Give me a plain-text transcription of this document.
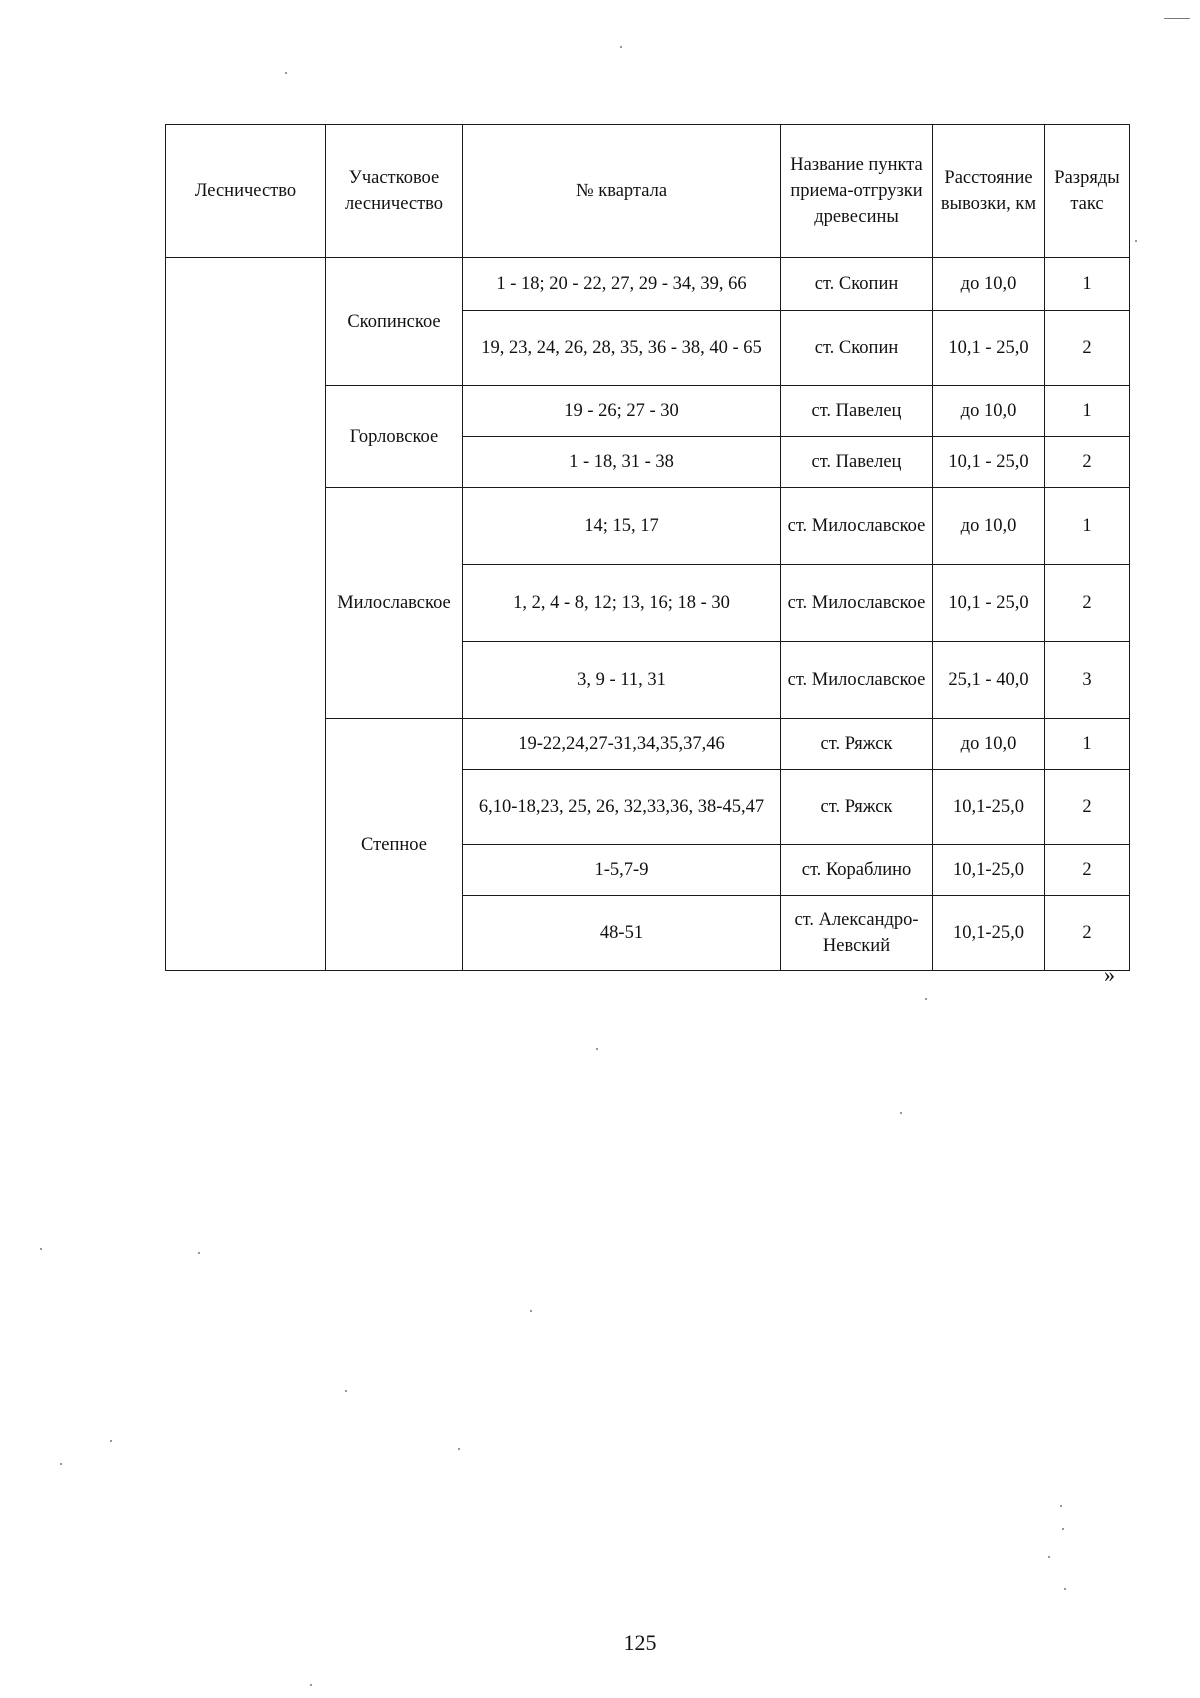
Лесничество	Участковое лесничество	№ квартала	Название пункта приема-отгрузки древесины	Расстояние вывозки, км	Разряды такс
	Скопинское	1 - 18; 20 - 22, 27, 29 - 34, 39, 66	ст. Скопин	до 10,0	1
		19, 23, 24, 26, 28, 35, 36 - 38, 40 - 65	ст. Скопин	10,1 - 25,0	2
	Горловское	19 - 26; 27 - 30	ст. Павелец	до 10,0	1
		1 - 18, 31 - 38	ст. Павелец	10,1 - 25,0	2
	Милославское	14; 15, 17	ст. Милославское	до 10,0	1
		1, 2, 4 - 8, 12; 13, 16; 18 - 30	ст. Милославское	10,1 - 25,0	2
		3, 9 - 11, 31	ст. Милославское	25,1 - 40,0	3
	Степное	19-22,24,27-31,34,35,37,46	ст. Ряжск	до 10,0	1
		6,10-18,23, 25, 26, 32,33,36, 38-45,47	ст. Ряжск	10,1-25,0	2
		1-5,7-9	ст. Кораблино	10,1-25,0	2
		48-51	ст. Александро-Невский	10,1-25,0	2
»
125
